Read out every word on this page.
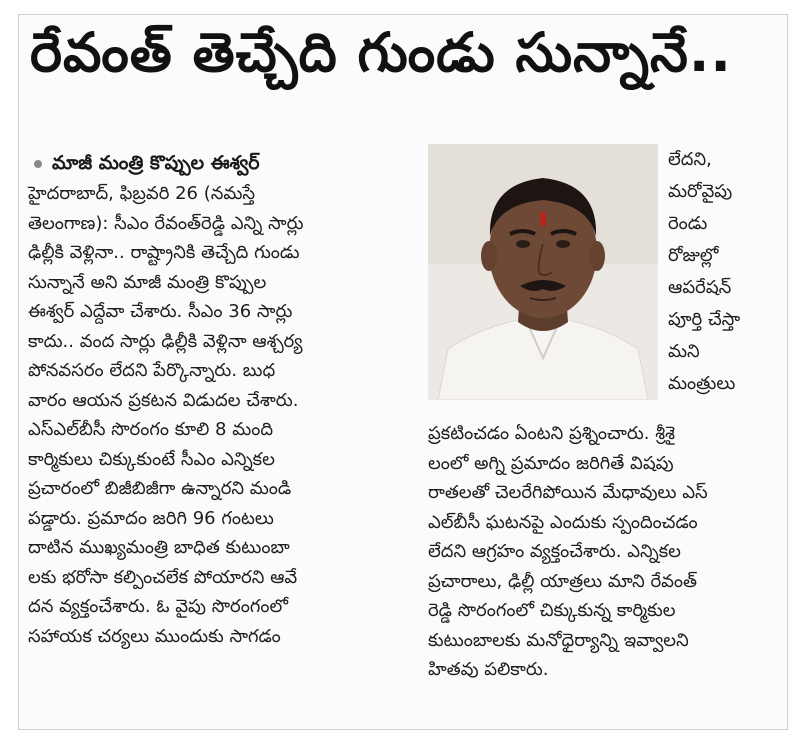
రేవంత్ తెచ్చేది గుండు సున్నానే..
మాజీ మంత్రి కొప్పుల ఈశ్వర్
హైదరాబాద్, ఫిబ్రవరి 26 (నమస్తే
తెలంగాణ): సీఎం రేవంత్‌రెడ్డి ఎన్ని సార్లు
ఢిల్లీకి వెళ్లినా.. రాష్ట్రానికి తెచ్చేది గుండు
సున్నానే అని మాజీ మంత్రి కొప్పుల
ఈశ్వర్ ఎద్దేవా చేశారు. సీఎం 36 సార్లు
కాదు.. వంద సార్లు ఢిల్లీకి వెళ్లినా ఆశ్చర్య
పోనవసరం లేదని పేర్కొన్నారు. బుధ
వారం ఆయన ప్రకటన విడుదల చేశారు.
ఎస్‌ఎల్‌బీసీ సొరంగం కూలి 8 మంది
కార్మికులు చిక్కుకుంటే సీఎం ఎన్నికల
ప్రచారంలో బిజీబిజీగా ఉన్నారని మండి
పడ్డారు. ప్రమాదం జరిగి 96 గంటలు
దాటిన ముఖ్యమంత్రి బాధిత కుటుంబా
లకు భరోసా కల్పించలేక పోయారని ఆవే
దన వ్యక్తంచేశారు. ఓ వైపు సొరంగంలో
సహాయక చర్యలు ముందుకు సాగడం
లేదని,
మరోవైపు
రెండు
రోజుల్లో
ఆపరేషన్
పూర్తి చేస్తా
మని
మంత్రులు
ప్రకటించడం ఏంటని ప్రశ్నించారు. శ్రీశై
లంలో అగ్ని ప్రమాదం జరిగితే విషపు
రాతలతో చెలరేగిపోయిన మేధావులు ఎస్
ఎల్‌బీసీ ఘటనపై ఎందుకు స్పందించడం
లేదని ఆగ్రహం వ్యక్తంచేశారు. ఎన్నికల
ప్రచారాలు, ఢిల్లీ యాత్రలు మాని రేవంత్
రెడ్డి సొరంగంలో చిక్కుకున్న కార్మికుల
కుటుంబాలకు మనోధైర్యాన్ని ఇవ్వాలని
హితవు పలికారు.
